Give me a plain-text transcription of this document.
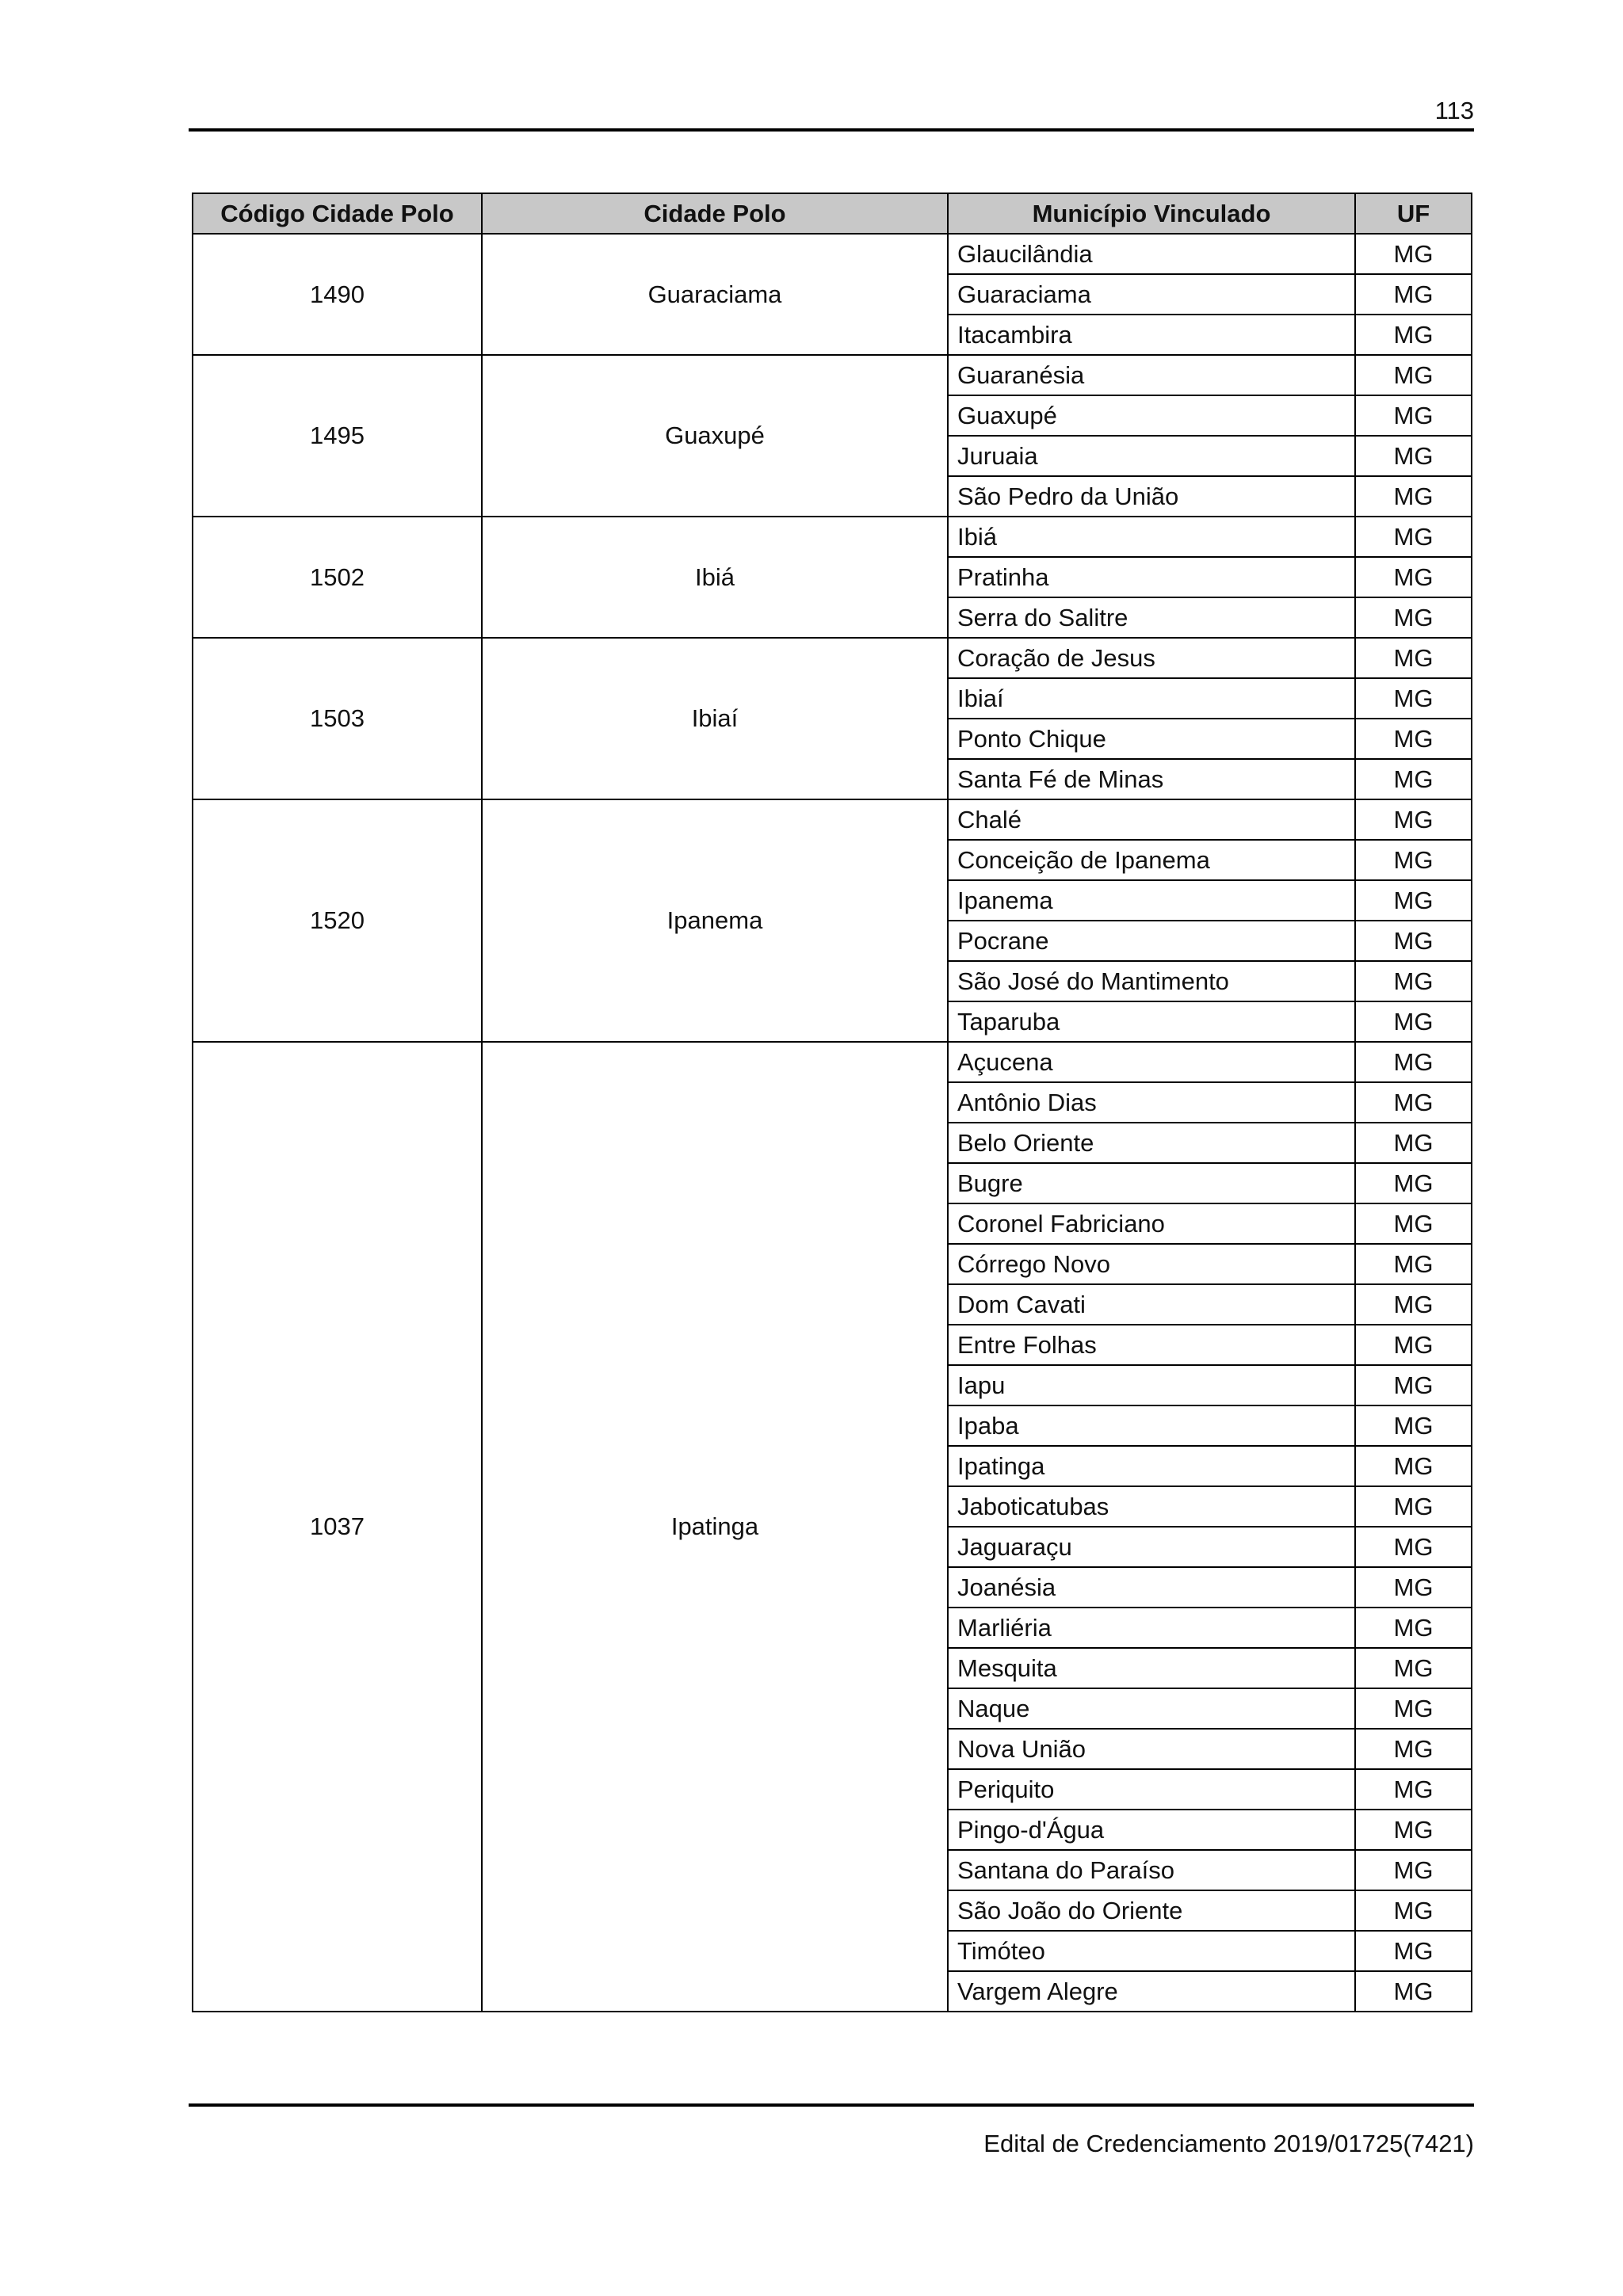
113
Código Cidade Polo	Cidade Polo	Município Vinculado	UF
1490	Guaraciama	Glaucilândia	MG
		Guaraciama	MG
		Itacambira	MG
1495	Guaxupé	Guaranésia	MG
		Guaxupé	MG
		Juruaia	MG
		São Pedro da União	MG
1502	Ibiá	Ibiá	MG
		Pratinha	MG
		Serra do Salitre	MG
1503	Ibiaí	Coração de Jesus	MG
		Ibiaí	MG
		Ponto Chique	MG
		Santa Fé de Minas	MG
1520	Ipanema	Chalé	MG
		Conceição de Ipanema	MG
		Ipanema	MG
		Pocrane	MG
		São José do Mantimento	MG
		Taparuba	MG
1037	Ipatinga	Açucena	MG
		Antônio Dias	MG
		Belo Oriente	MG
		Bugre	MG
		Coronel Fabriciano	MG
		Córrego Novo	MG
		Dom Cavati	MG
		Entre Folhas	MG
		Iapu	MG
		Ipaba	MG
		Ipatinga	MG
		Jaboticatubas	MG
		Jaguaraçu	MG
		Joanésia	MG
		Marliéria	MG
		Mesquita	MG
		Naque	MG
		Nova União	MG
		Periquito	MG
		Pingo-d'Água	MG
		Santana do Paraíso	MG
		São João do Oriente	MG
		Timóteo	MG
		Vargem Alegre	MG
Edital de Credenciamento 2019/01725(7421)
